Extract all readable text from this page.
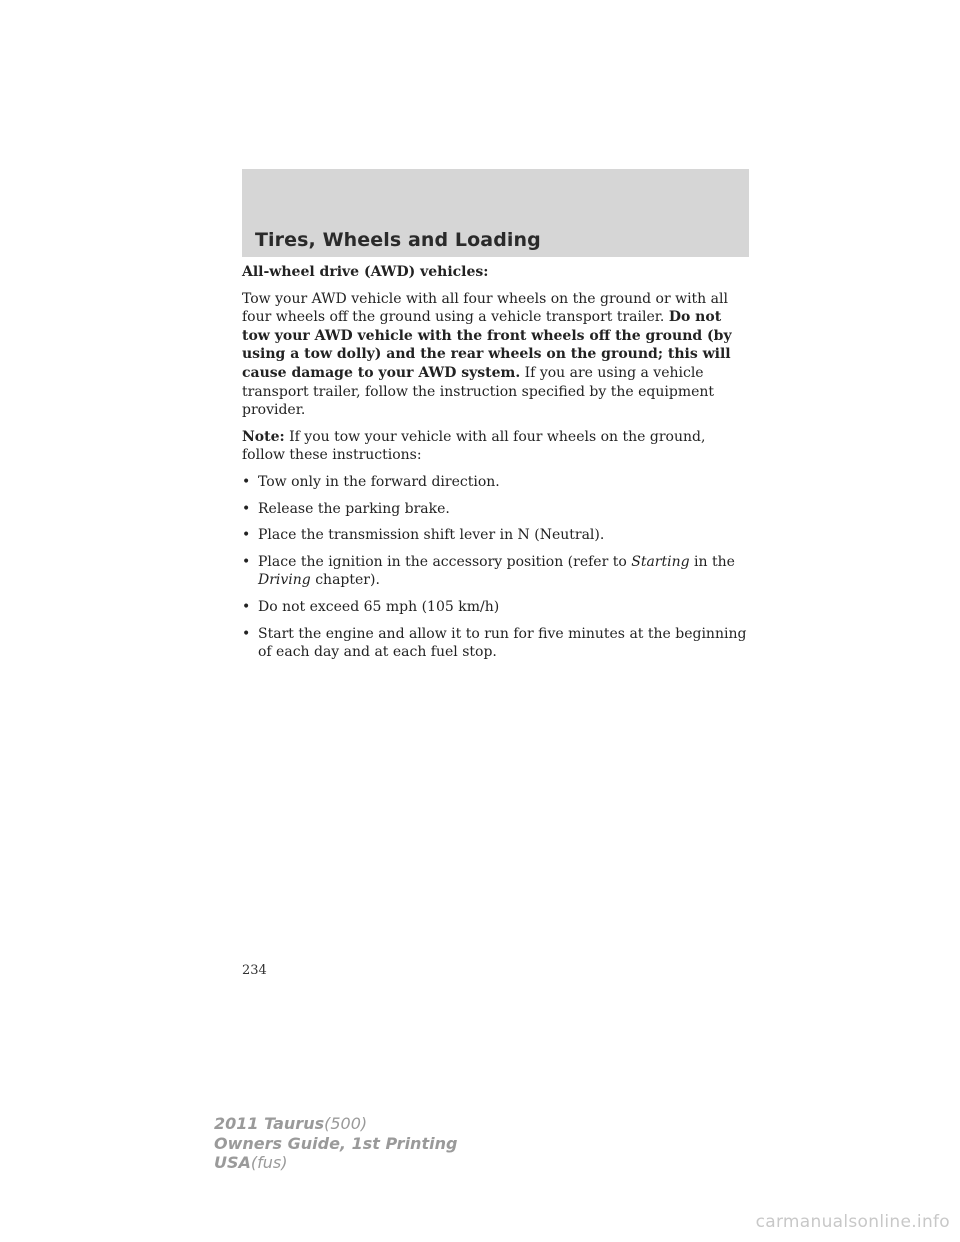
Tires, Wheels and Loading

All-wheel drive (AWD) vehicles:

Tow your AWD vehicle with all four wheels on the ground or with all four wheels off the ground using a vehicle transport trailer. Do not tow your AWD vehicle with the front wheels off the ground (by using a tow dolly) and the rear wheels on the ground; this will cause damage to your AWD system. If you are using a vehicle transport trailer, follow the instruction specified by the equipment provider.

Note: If you tow your vehicle with all four wheels on the ground, follow these instructions:

• Tow only in the forward direction.
• Release the parking brake.
• Place the transmission shift lever in N (Neutral).
• Place the ignition in the accessory position (refer to Starting in the Driving chapter).
• Do not exceed 65 mph (105 km/h)
• Start the engine and allow it to run for five minutes at the beginning of each day and at each fuel stop.
234
2011 Taurus(500)
Owners Guide, 1st Printing
USA(fus)
carmanualsonline.info
